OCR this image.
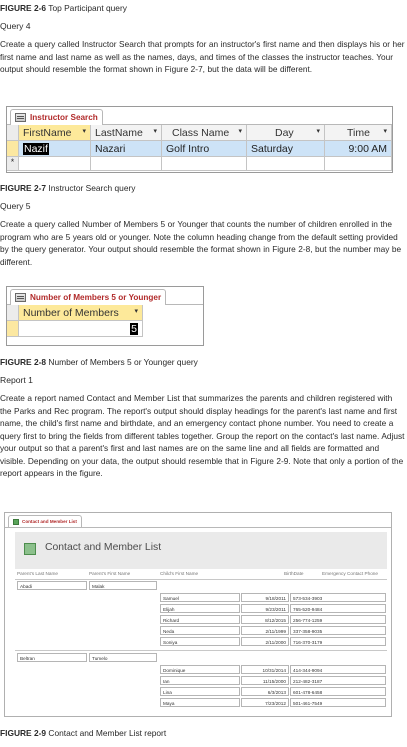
FIGURE 2-6 Top Participant query
Query 4
Create a query called Instructor Search that prompts for an instructor's first name and then displays his or her first name and last name as well as the names, days, and times of the classes the instructor teaches. Your output should resemble the format shown in Figure 2-7, but the data will be different.
Instructor Search
FirstName ▾ LastName ▾	Class Name ▾	Day	▾	Time ▾
Nazif	Nazari	Golf Intro	Saturday	9:00 AM
*
FIGURE 2-7 Instructor Search query
Query 5
Create a query called Number of Members 5 or Younger that counts the number of children enrolled in the program who are 5 years old or younger. Note the column heading change from the default setting provided by the query generator. Your output should resemble the format shown in Figure 2-8, but the number may be different.
Number of Members 5 or Younger
Number of Members ▾
5
FIGURE 2-8 Number of Members 5 or Younger query
Report 1
Create a report named Contact and Member List that summarizes the parents and children registered with the Parks and Rec program. The report's output should display headings for the parent's last name and first name, the child's first name and birthdate, and an emergency contact phone number. You need to create a query first to bring the fields from different tables together. Group the report on the contact's last name. Adjust your output so that a parent's first and last names are on the same line and all fields are formatted and visible. Depending on your data, the output should resemble that in Figure 2-9. Note that only a portion of the report appears in the figure.
Contact and Member List
Contact and Member List
Parent's Last Name	Parent's First Name	Child's First Name	BirthDate	Emergency Contact Phone
Abadi	Malak
Samuel	9/18/2011	573-534-3903
Elijah	9/23/2011	765-520-9484
Richard	8/12/2015	256-774-1259
Neda	2/11/1999	337-358-9035
Soniya	2/11/2000	716-370-3179
Beltran	Tumelo
Dominique	10/31/2014	414-344-9094
Ian	11/15/2000	212-482-3187
Lina	6/3/2013	601-478-6458
Maya	7/23/2012	501-461-7549
FIGURE 2-9 Contact and Member List report
